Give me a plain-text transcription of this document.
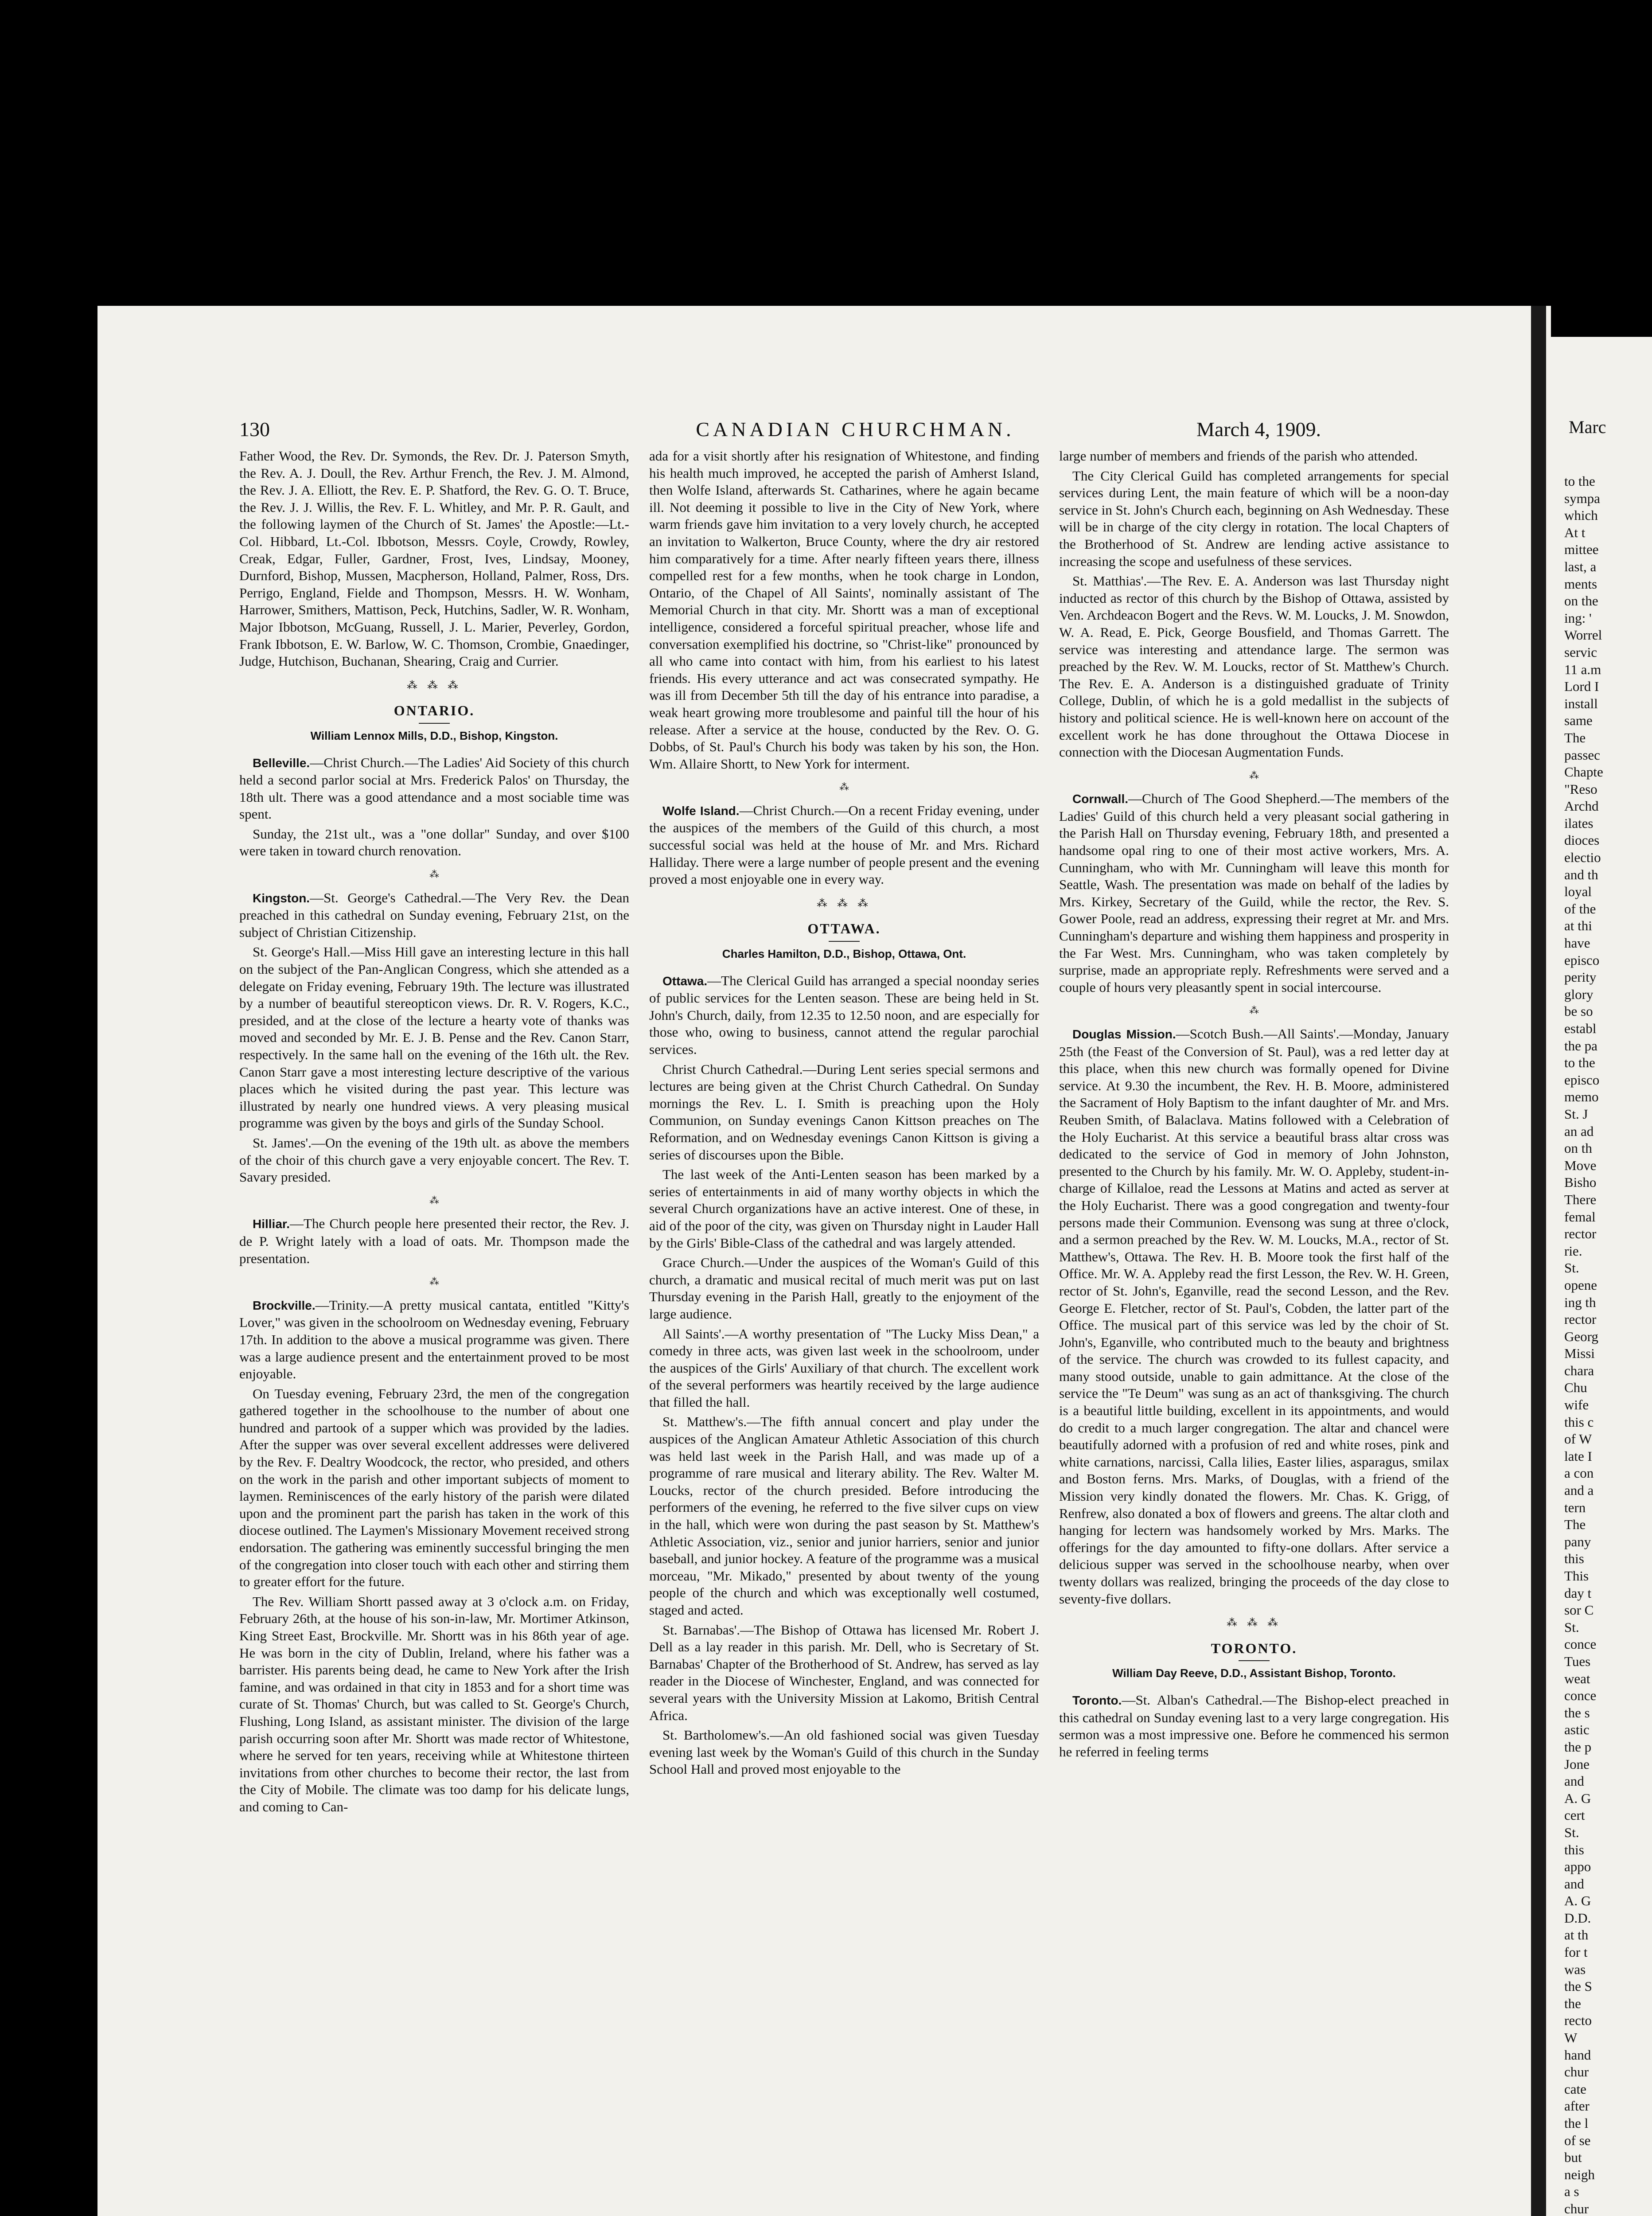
130	CANADIAN CHURCHMAN.	March 4, 1909.

Father Wood, the Rev. Dr. Symonds, the Rev. Dr. J. Paterson Smyth, the Rev. A. J. Doull, the Rev. Arthur French, the Rev. J. M. Almond, the Rev. J. A. Elliott, the Rev. E. P. Shatford, the Rev. G. O. T. Bruce, the Rev. J. J. Willis, the Rev. F. L. Whitley, and Mr. P. R. Gault, and the following laymen of the Church of St. James' the Apostle:—Lt.-Col. Hibbard, Lt.-Col. Ibbotson, Messrs. Coyle, Crowdy, Rowley, Creak, Edgar, Fuller, Gardner, Frost, Ives, Lindsay, Mooney, Durnford, Bishop, Mussen, Macpherson, Holland, Palmer, Ross, Drs. Perrigo, England, Fielde and Thompson, Messrs. H. W. Wonham, Harrower, Smithers, Mattison, Peck, Hutchins, Sadler, W. R. Wonham, Major Ibbotson, McGuang, Russell, J. L. Marier, Peverley, Gordon, Frank Ibbotson, E. W. Barlow, W. C. Thomson, Crombie, Gnaedinger, Judge, Hutchison, Buchanan, Shearing, Craig and Currier.

⁂ ⁂ ⁂
ONTARIO.
William Lennox Mills, D.D., Bishop, Kingston.

Belleville.—Christ Church.—The Ladies' Aid Society of this church held a second parlor social at Mrs. Frederick Palos' on Thursday, the 18th ult. There was a good attendance and a most sociable time was spent.

Sunday, the 21st ult., was a "one dollar" Sunday, and over $100 were taken in toward church renovation.

⁂

Kingston.—St. George's Cathedral.—The Very Rev. the Dean preached in this cathedral on Sunday evening, February 21st, on the subject of Christian Citizenship.

St. George's Hall.—Miss Hill gave an interesting lecture in this hall on the subject of the Pan-Anglican Congress, which she attended as a delegate on Friday evening, February 19th. The lecture was illustrated by a number of beautiful stereopticon views. Dr. R. V. Rogers, K.C., presided, and at the close of the lecture a hearty vote of thanks was moved and seconded by Mr. E. J. B. Pense and the Rev. Canon Starr, respectively. In the same hall on the evening of the 16th ult. the Rev. Canon Starr gave a most interesting lecture descriptive of the various places which he visited during the past year. This lecture was illustrated by nearly one hundred views. A very pleasing musical programme was given by the boys and girls of the Sunday School.

St. James'.—On the evening of the 19th ult. as above the members of the choir of this church gave a very enjoyable concert. The Rev. T. Savary presided.

⁂

Hilliar.—The Church people here presented their rector, the Rev. J. de P. Wright lately with a load of oats. Mr. Thompson made the presentation.

⁂

Brockville.—Trinity.—A pretty musical cantata, entitled "Kitty's Lover," was given in the schoolroom on Wednesday evening, February 17th. In addition to the above a musical programme was given. There was a large audience present and the entertainment proved to be most enjoyable.

On Tuesday evening, February 23rd, the men of the congregation gathered together in the schoolhouse to the number of about one hundred and partook of a supper which was provided by the ladies. After the supper was over several excellent addresses were delivered by the Rev. F. Dealtry Woodcock, the rector, who presided, and others on the work in the parish and other important subjects of moment to laymen. Reminiscences of the early history of the parish were dilated upon and the prominent part the parish has taken in the work of this diocese outlined. The Laymen's Missionary Movement received strong endorsation. The gathering was eminently successful bringing the men of the congregation into closer touch with each other and stirring them to greater effort for the future.

The Rev. William Shortt passed away at 3 o'clock a.m. on Friday, February 26th, at the house of his son-in-law, Mr. Mortimer Atkinson, King Street East, Brockville. Mr. Shortt was in his 86th year of age. He was born in the city of Dublin, Ireland, where his father was a barrister. His parents being dead, he came to New York after the Irish famine, and was ordained in that city in 1853 and for a short time was curate of St. Thomas' Church, but was called to St. George's Church, Flushing, Long Island, as assistant minister. The division of the large parish occurring soon after Mr. Shortt was made rector of Whitestone, where he served for ten years, receiving while at Whitestone thirteen invitations from other churches to become their rector, the last from the City of Mobile. The climate was too damp for his delicate lungs, and coming to Can-

ada for a visit shortly after his resignation of Whitestone, and finding his health much improved, he accepted the parish of Amherst Island, then Wolfe Island, afterwards St. Catharines, where he again became ill. Not deeming it possible to live in the City of New York, where warm friends gave him invitation to a very lovely church, he accepted an invitation to Walkerton, Bruce County, where the dry air restored him comparatively for a time. After nearly fifteen years there, illness compelled rest for a few months, when he took charge in London, Ontario, of the Chapel of All Saints', nominally assistant of The Memorial Church in that city. Mr. Shortt was a man of exceptional intelligence, considered a forceful spiritual preacher, whose life and conversation exemplified his doctrine, so "Christ-like" pronounced by all who came into contact with him, from his earliest to his latest friends. His every utterance and act was consecrated sympathy. He was ill from December 5th till the day of his entrance into paradise, a weak heart growing more troublesome and painful till the hour of his release. After a service at the house, conducted by the Rev. O. G. Dobbs, of St. Paul's Church his body was taken by his son, the Hon. Wm. Allaire Shortt, to New York for interment.

⁂

Wolfe Island.—Christ Church.—On a recent Friday evening, under the auspices of the members of the Guild of this church, a most successful social was held at the house of Mr. and Mrs. Richard Halliday. There were a large number of people present and the evening proved a most enjoyable one in every way.

⁂ ⁂ ⁂
OTTAWA.
Charles Hamilton, D.D., Bishop, Ottawa, Ont.

Ottawa.—The Clerical Guild has arranged a special noonday series of public services for the Lenten season. These are being held in St. John's Church, daily, from 12.35 to 12.50 noon, and are especially for those who, owing to business, cannot attend the regular parochial services.

Christ Church Cathedral.—During Lent series special sermons and lectures are being given at the Christ Church Cathedral. On Sunday mornings the Rev. L. I. Smith is preaching upon the Holy Communion, on Sunday evenings Canon Kittson preaches on The Reformation, and on Wednesday evenings Canon Kittson is giving a series of discourses upon the Bible.

The last week of the Anti-Lenten season has been marked by a series of entertainments in aid of many worthy objects in which the several Church organizations have an active interest. One of these, in aid of the poor of the city, was given on Thursday night in Lauder Hall by the Girls' Bible-Class of the cathedral and was largely attended.

Grace Church.—Under the auspices of the Woman's Guild of this church, a dramatic and musical recital of much merit was put on last Thursday evening in the Parish Hall, greatly to the enjoyment of the large audience.

All Saints'.—A worthy presentation of "The Lucky Miss Dean," a comedy in three acts, was given last week in the schoolroom, under the auspices of the Girls' Auxiliary of that church. The excellent work of the several performers was heartily received by the large audience that filled the hall.

St. Matthew's.—The fifth annual concert and play under the auspices of the Anglican Amateur Athletic Association of this church was held last week in the Parish Hall, and was made up of a programme of rare musical and literary ability. The Rev. Walter M. Loucks, rector of the church presided. Before introducing the performers of the evening, he referred to the five silver cups on view in the hall, which were won during the past season by St. Matthew's Athletic Association, viz., senior and junior harriers, senior and junior baseball, and junior hockey. A feature of the programme was a musical morceau, "Mr. Mikado," presented by about twenty of the young people of the church and which was exceptionally well costumed, staged and acted.

St. Barnabas'.—The Bishop of Ottawa has licensed Mr. Robert J. Dell as a lay reader in this parish. Mr. Dell, who is Secretary of St. Barnabas' Chapter of the Brotherhood of St. Andrew, has served as lay reader in the Diocese of Winchester, England, and was connected for several years with the University Mission at Lakomo, British Central Africa.

St. Bartholomew's.—An old fashioned social was given Tuesday evening last week by the Woman's Guild of this church in the Sunday School Hall and proved most enjoyable to the

large number of members and friends of the parish who attended.

The City Clerical Guild has completed arrangements for special services during Lent, the main feature of which will be a noon-day service in St. John's Church each, beginning on Ash Wednesday. These will be in charge of the city clergy in rotation. The local Chapters of the Brotherhood of St. Andrew are lending active assistance to increasing the scope and usefulness of these services.

St. Matthias'.—The Rev. E. A. Anderson was last Thursday night inducted as rector of this church by the Bishop of Ottawa, assisted by Ven. Archdeacon Bogert and the Revs. W. M. Loucks, J. M. Snowdon, W. A. Read, E. Pick, George Bousfield, and Thomas Garrett. The service was interesting and attendance large. The sermon was preached by the Rev. W. M. Loucks, rector of St. Matthew's Church. The Rev. E. A. Anderson is a distinguished graduate of Trinity College, Dublin, of which he is a gold medallist in the subjects of history and political science. He is well-known here on account of the excellent work he has done throughout the Ottawa Diocese in connection with the Diocesan Augmentation Funds.

⁂

Cornwall.—Church of The Good Shepherd.—The members of the Ladies' Guild of this church held a very pleasant social gathering in the Parish Hall on Thursday evening, February 18th, and presented a handsome opal ring to one of their most active workers, Mrs. A. Cunningham, who with Mr. Cunningham will leave this month for Seattle, Wash. The presentation was made on behalf of the ladies by Mrs. Kirkey, Secretary of the Guild, while the rector, the Rev. S. Gower Poole, read an address, expressing their regret at Mr. and Mrs. Cunningham's departure and wishing them happiness and prosperity in the Far West. Mrs. Cunningham, who was taken completely by surprise, made an appropriate reply. Refreshments were served and a couple of hours very pleasantly spent in social intercourse.

⁂

Douglas Mission.—Scotch Bush.—All Saints'.—Monday, January 25th (the Feast of the Conversion of St. Paul), was a red letter day at this place, when this new church was formally opened for Divine service. At 9.30 the incumbent, the Rev. H. B. Moore, administered the Sacrament of Holy Baptism to the infant daughter of Mr. and Mrs. Reuben Smith, of Balaclava. Matins followed with a Celebration of the Holy Eucharist. At this service a beautiful brass altar cross was dedicated to the service of God in memory of John Johnston, presented to the Church by his family. Mr. W. O. Appleby, student-in-charge of Killaloe, read the Lessons at Matins and acted as server at the Holy Eucharist. There was a good congregation and twenty-four persons made their Communion. Evensong was sung at three o'clock, and a sermon preached by the Rev. W. M. Loucks, M.A., rector of St. Matthew's, Ottawa. The Rev. H. B. Moore took the first half of the Office. Mr. W. A. Appleby read the first Lesson, the Rev. W. H. Green, rector of St. John's, Eganville, read the second Lesson, and the Rev. George E. Fletcher, rector of St. Paul's, Cobden, the latter part of the Office. The musical part of this service was led by the choir of St. John's, Eganville, who contributed much to the beauty and brightness of the service. The church was crowded to its fullest capacity, and many stood outside, unable to gain admittance. At the close of the service the "Te Deum" was sung as an act of thanksgiving. The church is a beautiful little building, excellent in its appointments, and would do credit to a much larger congregation. The altar and chancel were beautifully adorned with a profusion of red and white roses, pink and white carnations, narcissi, Calla lilies, Easter lilies, asparagus, smilax and Boston ferns. Mrs. Marks, of Douglas, with a friend of the Mission very kindly donated the flowers. Mr. Chas. K. Grigg, of Renfrew, also donated a box of flowers and greens. The altar cloth and hanging for lectern was handsomely worked by Mrs. Marks. The offerings for the day amounted to fifty-one dollars. After service a delicious supper was served in the schoolhouse nearby, when over twenty dollars was realized, bringing the proceeds of the day close to seventy-five dollars.

⁂ ⁂ ⁂
TORONTO.
William Day Reeve, D.D., Assistant Bishop, Toronto.

Toronto.—St. Alban's Cathedral.—The Bishop-elect preached in this cathedral on Sunday evening last to a very large congregation. His sermon was a most impressive one. Before he commenced his sermon he referred in feeling terms

Marc

to the

sympa

which

At t

mittee

last, a

ments

on the

ing: '

Worrel

servic

11 a.m

Lord I

install

same

The

passec

Chapte

"Reso

Archd

ilates

dioces

electio

and th

loyal

of the

at thi

have

episco

perity

glory

be so

establ

the pa

to the

episco

memo

St. J

an ad

on th

Move

Bisho

There

femal

rector

rie.

St.

opene

ing th

rector

Georg

Missi

chara

Chu

wife

this c

of W

late I

a con

and a

tern

The

pany

this

This

day t

sor C

St.

conce

Tues

weat

conce

the s

astic

the p

Jone

and

A. G

cert

St.

this

appo

and

A. G

D.D.

at th

for t

was

the S

the

recto

W

hand

chur

cate

after

the l

of se

but

neigh

a s

chur
